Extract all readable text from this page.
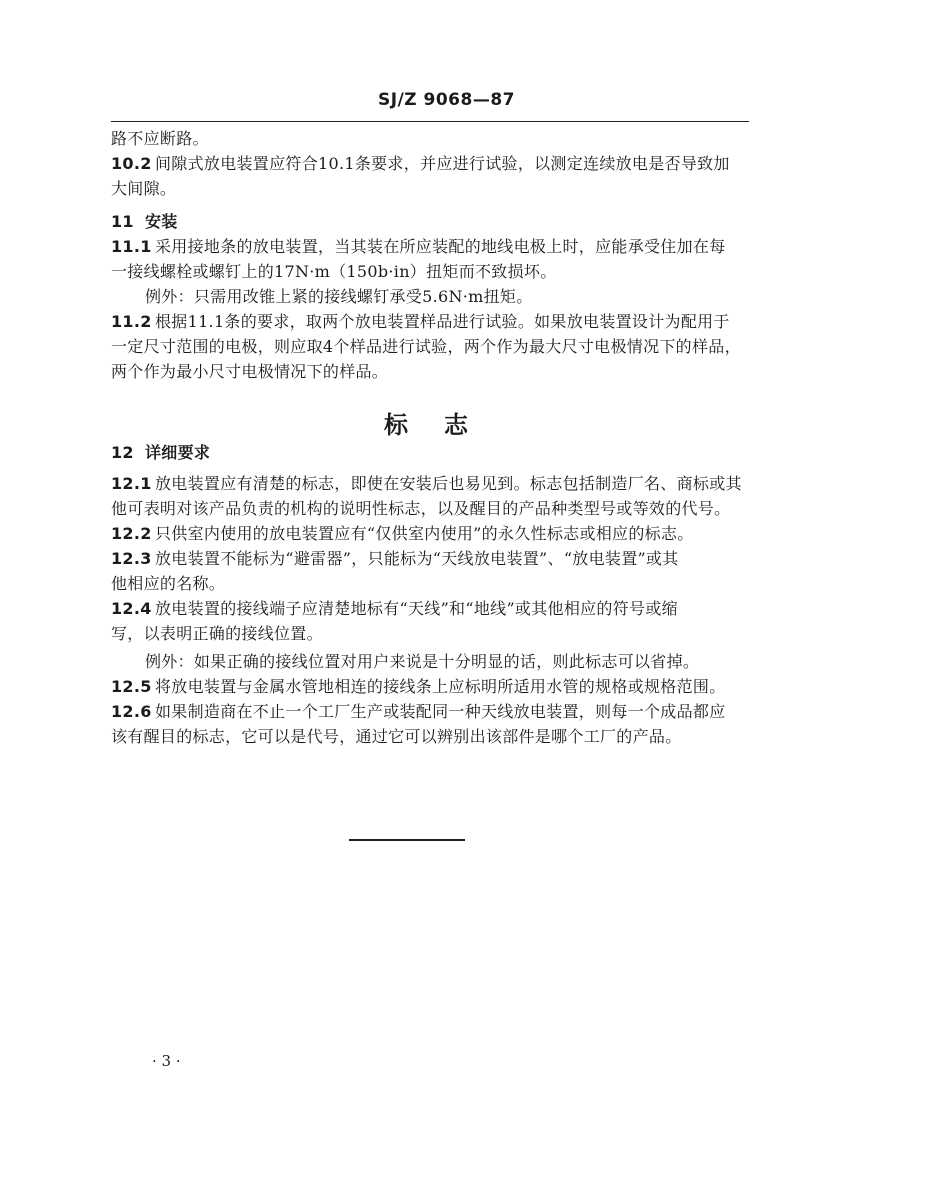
SJ/Z 9068—87
路不应断路。
10.2 间隙式放电装置应符合10.1条要求，并应进行试验，以测定连续放电是否导致加
大间隙。
11 安装
11.1 采用接地条的放电装置，当其装在所应装配的地线电极上时，应能承受住加在每
一接线螺栓或螺钉上的17N·m（150b·in）扭矩而不致损坏。
例外：只需用改锥上紧的接线螺钉承受5.6N·m扭矩。
11.2 根据11.1条的要求，取两个放电装置样品进行试验。如果放电装置设计为配用于
一定尺寸范围的电极，则应取4个样品进行试验，两个作为最大尺寸电极情况下的样品，
两个作为最小尺寸电极情况下的样品。
标志
12 详细要求
12.1 放电装置应有清楚的标志，即使在安装后也易见到。标志包括制造厂名、商标或其
他可表明对该产品负责的机构的说明性标志，以及醒目的产品种类型号或等效的代号。
12.2 只供室内使用的放电装置应有“仅供室内使用”的永久性标志或相应的标志。
12.3 放电装置不能标为“避雷器”，只能标为“天线放电装置”、“放电装置”或其
他相应的名称。
12.4 放电装置的接线端子应清楚地标有“天线”和“地线”或其他相应的符号或缩
写，以表明正确的接线位置。
例外：如果正确的接线位置对用户来说是十分明显的话，则此标志可以省掉。
12.5 将放电装置与金属水管地相连的接线条上应标明所适用水管的规格或规格范围。
12.6 如果制造商在不止一个工厂生产或装配同一种天线放电装置，则每一个成品都应
该有醒目的标志，它可以是代号，通过它可以辨别出该部件是哪个工厂的产品。
· 3 ·
